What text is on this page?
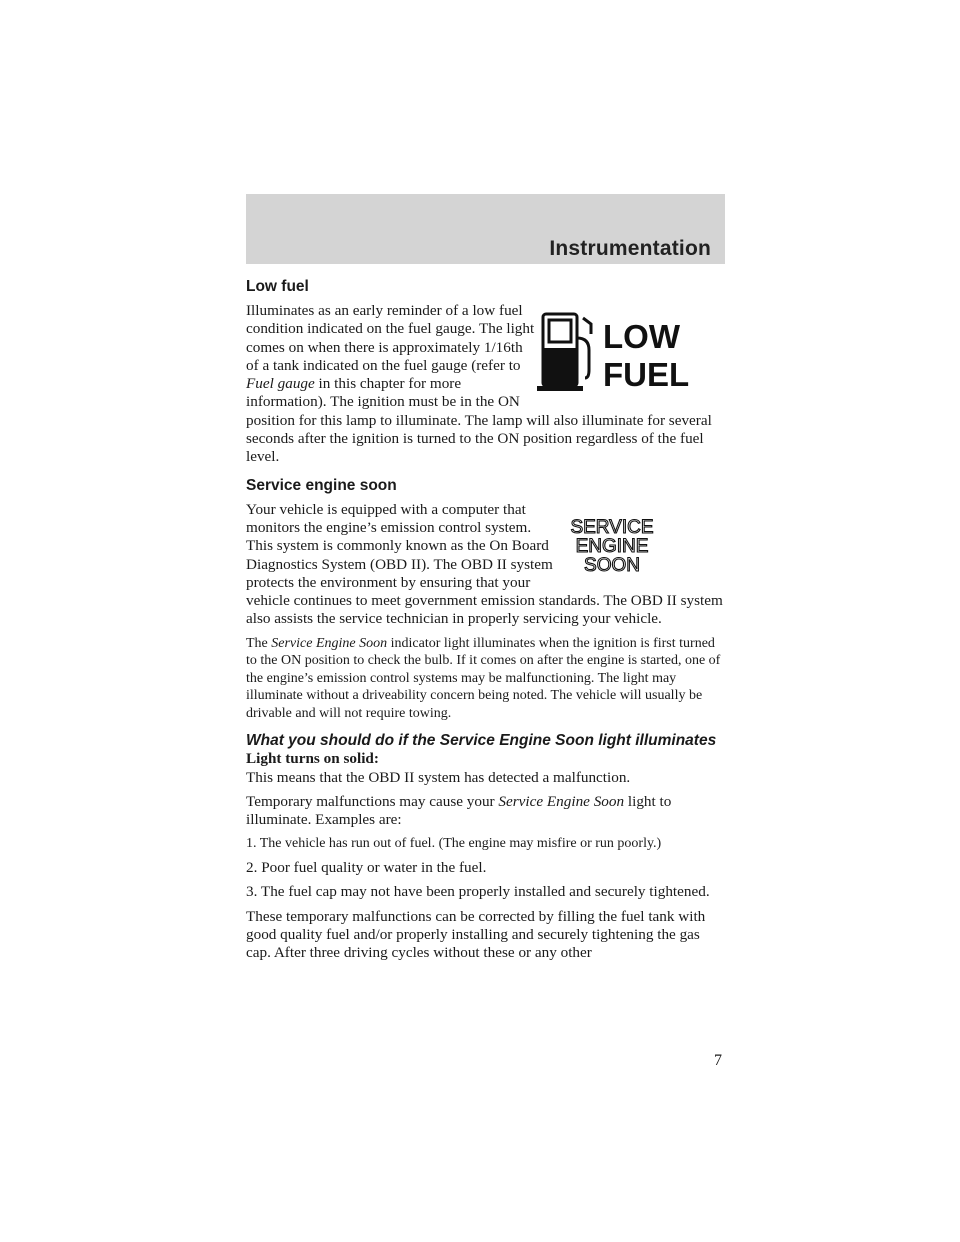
Instrumentation
Low fuel
LOW
FUEL

Illuminates as an early reminder of a low fuel condition indicated on the fuel gauge. The light comes on when there is approximately 1/16th of a tank indicated on the fuel gauge (refer to Fuel gauge in this chapter for more information). The ignition must be in the ON position for this lamp to illuminate. The lamp will also illuminate for several seconds after the ignition is turned to the ON position regardless of the fuel level.

Service engine soon
SERVICE
ENGINE
SOON

Your vehicle is equipped with a computer that monitors the engine’s emission control system. This system is commonly known as the On Board Diagnostics System (OBD II). The OBD II system protects the environment by ensuring that your vehicle continues to meet government emission standards. The OBD II system also assists the service technician in properly servicing your vehicle.

The Service Engine Soon indicator light illuminates when the ignition is first turned to the ON position to check the bulb. If it comes on after the engine is started, one of the engine’s emission control systems may be malfunctioning. The light may illuminate without a driveability concern being noted. The vehicle will usually be drivable and will not require towing.

What you should do if the Service Engine Soon light illuminates

Light turns on solid:

This means that the OBD II system has detected a malfunction.

Temporary malfunctions may cause your Service Engine Soon light to illuminate. Examples are:

1. The vehicle has run out of fuel. (The engine may misfire or run poorly.)

2. Poor fuel quality or water in the fuel.

3. The fuel cap may not have been properly installed and securely tightened.

These temporary malfunctions can be corrected by filling the fuel tank with good quality fuel and/or properly installing and securely tightening the gas cap. After three driving cycles without these or any other

7
